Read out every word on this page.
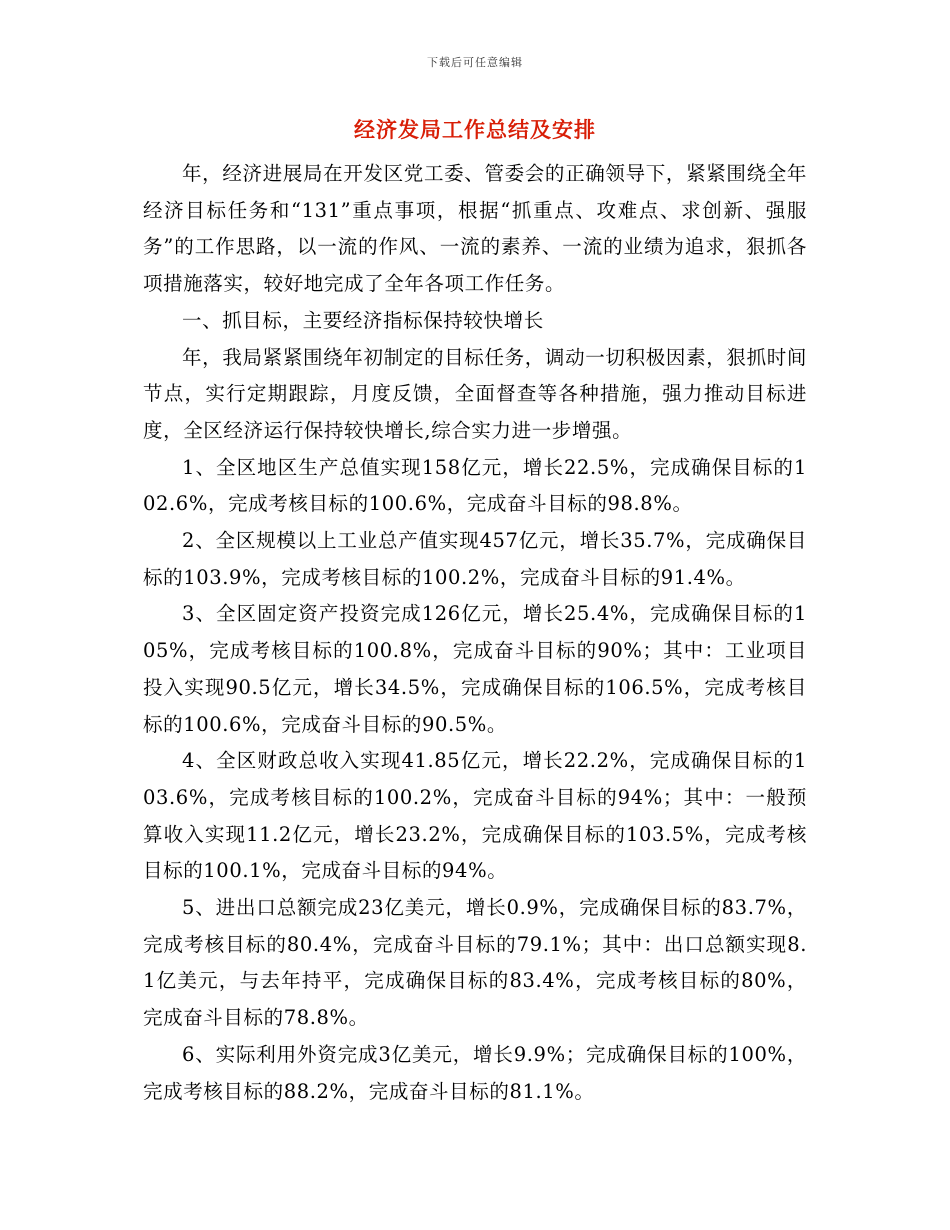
下载后可任意编辑
经济发局工作总结及安排

年，经济进展局在开发区党工委、管委会的正确领导下，紧紧围绕全年经济目标任务和“131”重点事项，根据“抓重点、攻难点、求创新、强服务”的工作思路，以一流的作风、一流的素养、一流的业绩为追求，狠抓各项措施落实，较好地完成了全年各项工作任务。

一、抓目标，主要经济指标保持较快增长

年，我局紧紧围绕年初制定的目标任务，调动一切积极因素，狠抓时间节点，实行定期跟踪，月度反馈，全面督查等各种措施，强力推动目标进度，全区经济运行保持较快增长,综合实力进一步增强。

1、全区地区生产总值实现158亿元，增长22.5%，完成确保目标的102.6%，完成考核目标的100.6%，完成奋斗目标的98.8%。

2、全区规模以上工业总产值实现457亿元，增长35.7%，完成确保目标的103.9%，完成考核目标的100.2%，完成奋斗目标的91.4%。

3、全区固定资产投资完成126亿元，增长25.4%，完成确保目标的105%，完成考核目标的100.8%，完成奋斗目标的90%；其中：工业项目投入实现90.5亿元，增长34.5%，完成确保目标的106.5%，完成考核目标的100.6%，完成奋斗目标的90.5%。

4、全区财政总收入实现41.85亿元，增长22.2%，完成确保目标的103.6%，完成考核目标的100.2%，完成奋斗目标的94%；其中：一般预算收入实现11.2亿元，增长23.2%，完成确保目标的103.5%，完成考核目标的100.1%，完成奋斗目标的94%。

5、进出口总额完成23亿美元，增长0.9%，完成确保目标的83.7%，完成考核目标的80.4%，完成奋斗目标的79.1%；其中：出口总额实现8.1亿美元，与去年持平，完成确保目标的83.4%，完成考核目标的80%，完成奋斗目标的78.8%。

6、实际利用外资完成3亿美元，增长9.9%；完成确保目标的100%，完成考核目标的88.2%，完成奋斗目标的81.1%。
